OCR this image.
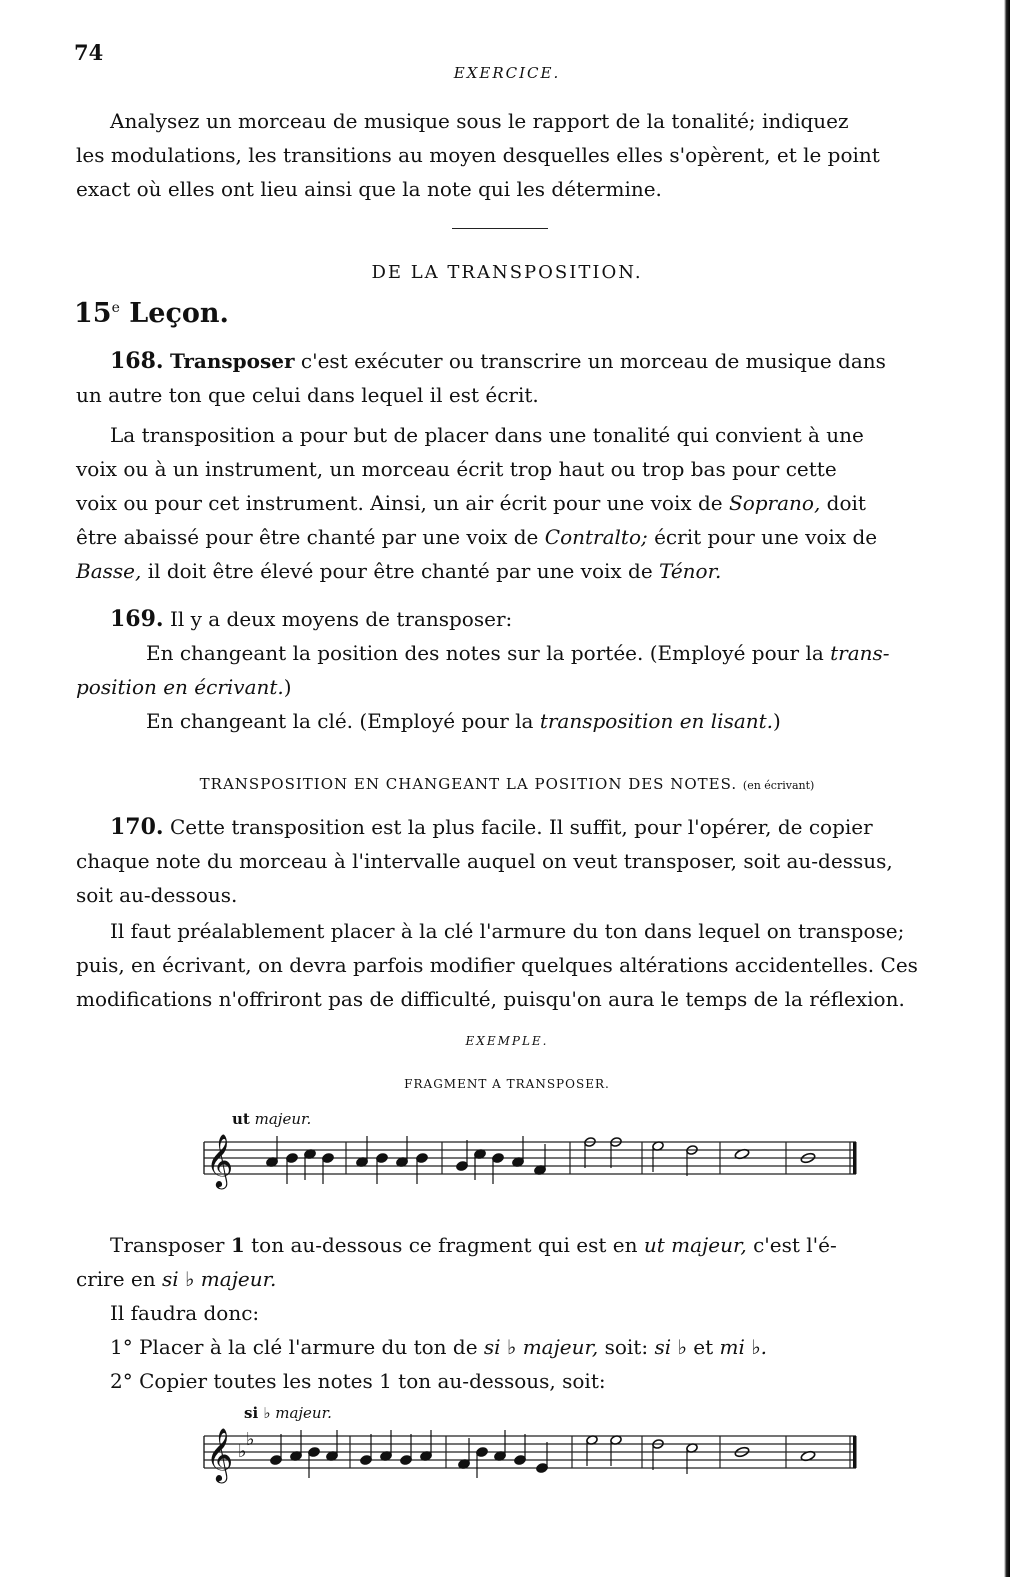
74
EXERCICE.
Analysez un morceau de musique sous le rapport de la tonalité; indiquez
les modulations, les transitions au moyen desquelles elles s'opèrent, et le point
exact où elles ont lieu ainsi que la note qui les détermine.
DE LA TRANSPOSITION.
15e Leçon.
168. Transposer c'est exécuter ou transcrire un morceau de musique dans
un autre ton que celui dans lequel il est écrit.
La transposition a pour but de placer dans une tonalité qui convient à une
voix ou à un instrument, un morceau écrit trop haut ou trop bas pour cette
voix ou pour cet instrument. Ainsi, un air écrit pour une voix de Soprano, doit
être abaissé pour être chanté par une voix de Contralto; écrit pour une voix de
Basse, il doit être élevé pour être chanté par une voix de Ténor.
169. Il y a deux moyens de transposer:
En changeant la position des notes sur la portée. (Employé pour la trans-
position en écrivant.)
En changeant la clé. (Employé pour la transposition en lisant.)
TRANSPOSITION EN CHANGEANT LA POSITION DES NOTES. (en écrivant)
170. Cette transposition est la plus facile. Il suffit, pour l'opérer, de copier
chaque note du morceau à l'intervalle auquel on veut transposer, soit au-dessus,
soit au-dessous.
Il faut préalablement placer à la clé l'armure du ton dans lequel on transpose;
puis, en écrivant, on devra parfois modifier quelques altérations accidentelles. Ces
modifications n'offriront pas de difficulté, puisqu'on aura le temps de la réflexion.
EXEMPLE.
FRAGMENT A TRANSPOSER.
ut majeur.
𝄞
Transposer 1 ton au-dessous ce fragment qui est en ut majeur, c'est l'é-
crire en si ♭ majeur.
Il faudra donc:
1° Placer à la clé l'armure du ton de si ♭ majeur, soit: si ♭ et mi ♭.
2° Copier toutes les notes 1 ton au-dessous, soit:
si ♭ majeur.
𝄞 ♭
♭
